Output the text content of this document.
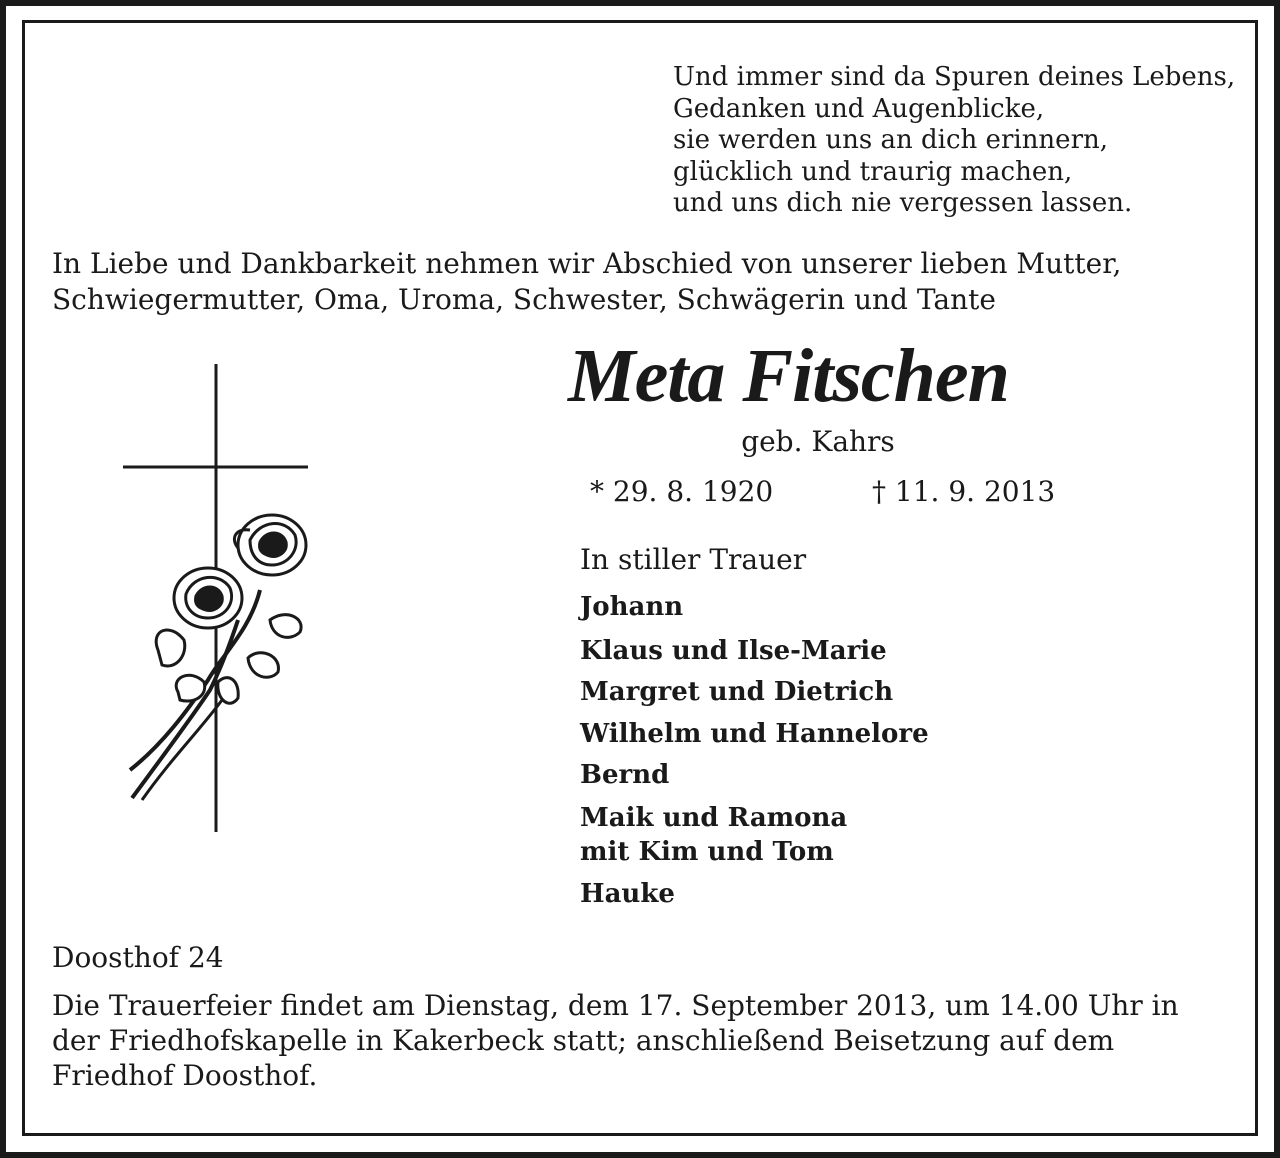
Und immer sind da Spuren deines Lebens,
Gedanken und Augenblicke,
sie werden uns an dich erinnern,
glücklich und traurig machen,
und uns dich nie vergessen lassen.
In Liebe und Dankbarkeit nehmen wir Abschied von unserer lieben Mutter,
Schwiegermutter, Oma, Uroma, Schwester, Schwägerin und Tante
Meta Fitschen
geb. Kahrs
* 29. 8. 1920	† 11. 9. 2013
In stiller Trauer
Johann
Klaus und Ilse-Marie
Margret und Dietrich
Wilhelm und Hannelore
Bernd
Maik und Ramona
mit Kim und Tom
Hauke
Doosthof 24
Die Trauerfeier findet am Dienstag, dem 17. September 2013, um 14.00 Uhr in
der Friedhofskapelle in Kakerbeck statt; anschließend Beisetzung auf dem
Friedhof Doosthof.
